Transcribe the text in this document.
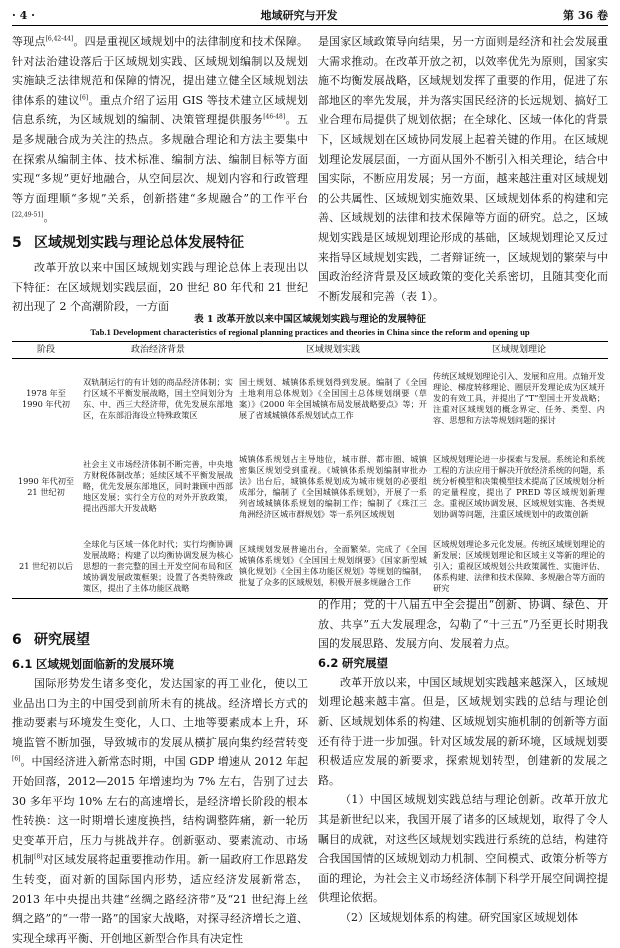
· 4 ·	地域研究与开发	第 36 卷

等现点[6,42-44]。四是重视区域规划中的法律制度和技术保障。针对法治建设落后于区域规划实践、区域规划编制以及规划实施缺乏法律规范和保障的情况，提出建立健全区域规划法律体系的建议[6]。重点介绍了运用 GIS 等技术建立区域规划信息系统，为区域规划的编制、决策管理提供服务[46-48]。五是多规融合成为关注的热点。多规融合理论和方法主要集中在探索从编制主体、技术标准、编制方法、编制目标等方面实现“多规”更好地融合，从空间层次、规划内容和行政管理等方面理顺“多规”关系，创新搭建“多规融合”的工作平台[22,49-51]。

5 区域规划实践与理论总体发展特征

改革开放以来中国区域规划实践与理论总体上表现出以下特征：在区域规划实践层面，20 世纪 80 年代和 21 世纪初出现了 2 个高潮阶段，一方面

是国家区域政策导向结果，另一方面则是经济和社会发展重大需求推动。在改革开放之初，以效率优先为原则，国家实施不均衡发展战略，区域规划发挥了重要的作用，促进了东部地区的率先发展，并为落实国民经济的长远规划、搞好工业合理布局提供了规划依据；在全球化、区域一体化的背景下，区域规划在区域协同发展上起着关键的作用。在区域规划理论发展层面，一方面从国外不断引入相关理论，结合中国实际，不断应用发展；另一方面，越来越注重对区域规划的公共属性、区域规划实施效果、区域规划体系的构建和完善、区域规划的法律和技术保障等方面的研究。总之，区域规划实践是区域规划理论形成的基础，区域规划理论又反过来指导区域规划实践，二者辩证统一，区域规划的繁荣与中国政治经济背景及区域政策的变化关系密切，且随其变化而不断发展和完善（表 1）。

表 1 改革开放以来中国区域规划实践与理论的发展特征
Tab.1 Development characteristics of regional planning practices and theories in China since the reform and opening up
阶段	政治经济背景	区域规划实践	区域规划理论
1978 年至 1990 年代初	双轨制运行的有计划的商品经济体制；实行区域不平衡发展战略，国土空间划分为东、中、西三大经济带，优先发展东部地区，在东部沿海设立特殊政策区	国土规划、城镇体系规划得到发展。编制了《全国土地利用总体规划》《全国国土总体规划纲要（草案）》《2000 年全国城镇布局发展战略要点》等；开展了省域城镇体系规划试点工作	传统区域规划理论引入、发展和应用。点轴开发理论、梯度转移理论、圈层开发理论成为区域开发的有效工具，并提出了“T”型国土开发战略；注重对区域规划的概念界定、任务、类型、内容、思想和方法等规划问题的探讨
1990 年代初至 21 世纪初	社会主义市场经济体制不断完善，中央地方财税体制改革；延续区域不平衡发展战略，优先发展东部地区，同时兼顾中西部地区发展；实行全方位的对外开放政策，提出西部大开发战略	城镇体系规划占主导地位，城市群、都市圈、城镇密集区规划受到重视。《城镇体系规划编制审批办法》出台后，城镇体系规划成为城市规划的必要组成部分，编制了《全国城镇体系规划》，开展了一系列省域城镇体系规划的编制工作；编制了《珠江三角洲经济区城市群规划》等一系列区域规划	区域规划理论进一步探索与发展。系统论和系统工程的方法应用于解决开放经济系统的问题，系统分析模型和决策模型技术提高了区域规划分析的定量程度，提出了 PRED 等区域规划新理念。重视区域协调发展、区域规划实施、各类规划协调等问题，注重区域规划中的政策创新
21 世纪初以后	全球化与区域一体化时代；实行均衡协调发展战略；构建了以均衡协调发展为核心思想的一套完整的国土开发空间布局和区域协调发展政策框架；设置了各类特殊政策区，提出了主体功能区战略	区域规划发展普遍出台，全面繁荣。完成了《全国城镇体系规划》《全国国土规划纲要》《国家新型城镇化规划》《全国主体功能区规划》等规划的编制，批复了众多的区域规划，积极开展多规融合工作	区域规划理论多元化发展。传统区域规划理论的新发展；区域规划理论和区域主义等新的理论的引入；重视区域规划公共政策属性、实施评估、体系构建、法律和技术保障、多规融合等方面的研究
6 研究展望
6.1 区域规划面临新的发展环境

国际形势发生诸多变化，发达国家的再工业化，使以工业品出口为主的中国受到前所未有的挑战。经济增长方式的推动要素与环境发生变化，人口、土地等要素成本上升，环境监管不断加强，导致城市的发展从横扩展向集约经营转变[6]。中国经济进入新常态时期，中国 GDP 增速从 2012 年起开始回落，2012—2015 年增速均为 7% 左右，告别了过去 30 多年平均 10% 左右的高速增长，是经济增长阶段的根本性转换：这一时期增长速度换挡，结构调整阵痛，新一轮历史变革开启，压力与挑战并存。创新驱动、要素流动、市场机制[8]对区域发展将起重要推动作用。新一届政府工作思路发生转变，面对新的国际国内形势，适应经济发展新常态，2013 年中央提出共建“丝绸之路经济带”及“21 世纪海上丝绸之路”的“一带一路”的国家大战略，对探寻经济增长之道、实现全球再平衡、开创地区新型合作具有决定性

的作用；党的十八届五中全会提出“创新、协调、绿色、开放、共享”五大发展理念，勾勒了“十三五”乃至更长时期我国的发展思路、发展方向、发展着力点。

6.2 研究展望

改革开放以来，中国区域规划实践越来越深入，区域规划理论越来越丰富。但是，区域规划实践的总结与理论创新、区域规划体系的构建、区域规划实施机制的创新等方面还有待于进一步加强。针对区域发展的新环境，区域规划要积极适应发展的新要求，探索规划转型，创建新的发展之路。

（1）中国区域规划实践总结与理论创新。改革开放尤其是新世纪以来，我国开展了诸多的区域规划，取得了令人瞩目的成就，对这些区域规划实践进行系统的总结，构建符合我国国情的区域规划动力机制、空间模式、政策分析等方面的理论，为社会主义市场经济体制下科学开展空间调控提供理论依据。

（2）区域规划体系的构建。研究国家区域规划体
